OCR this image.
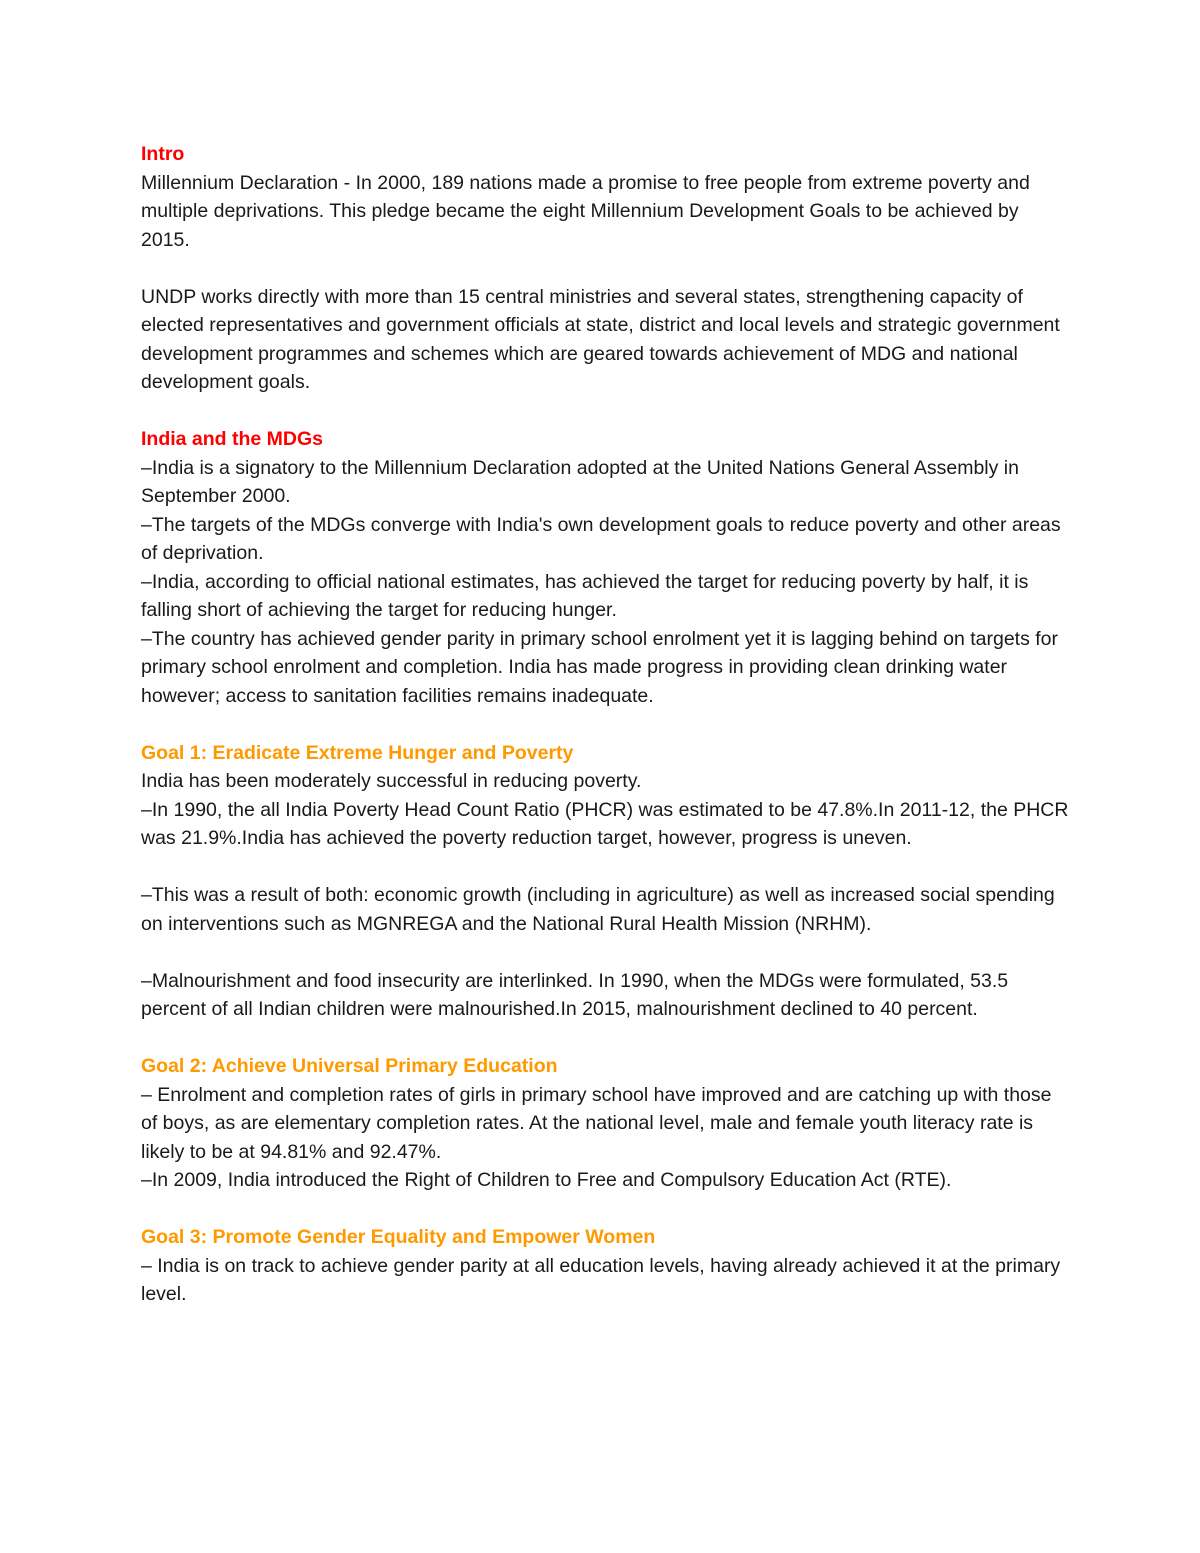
Intro

Millennium Declaration - In 2000, 189 nations made a promise to free people from extreme poverty and multiple deprivations. This pledge became the eight Millennium Development Goals to be achieved by 2015.

UNDP works directly with more than 15 central ministries and several states, strengthening capacity of elected representatives and government officials at state, district and local levels and strategic government development programmes and schemes which are geared towards achievement of MDG and national development goals.

India and the MDGs

–India is a signatory to the Millennium Declaration adopted at the United Nations General Assembly in September 2000.

–The targets of the MDGs converge with India's own development goals to reduce poverty and other areas of deprivation.

–India, according to official national estimates, has achieved the target for reducing poverty by half, it is falling short of achieving the target for reducing hunger.

–The country has achieved gender parity in primary school enrolment yet it is lagging behind on targets for primary school enrolment and completion. India has made progress in providing clean drinking water however; access to sanitation facilities remains inadequate.

Goal 1: Eradicate Extreme Hunger and Poverty

India has been moderately successful in reducing poverty.

–In 1990, the all India Poverty Head Count Ratio (PHCR) was estimated to be 47.8%.In 2011-12, the PHCR was 21.9%.India has achieved the poverty reduction target, however, progress is uneven.

–This was a result of both: economic growth (including in agriculture) as well as increased social spending on interventions such as MGNREGA and the National Rural Health Mission (NRHM).

–Malnourishment and food insecurity are interlinked. In 1990, when the MDGs were formulated, 53.5 percent of all Indian children were malnourished.In 2015, malnourishment declined to 40 percent.

Goal 2: Achieve Universal Primary Education

– Enrolment and completion rates of girls in primary school have improved and are catching up with those of boys, as are elementary completion rates. At the national level, male and female youth literacy rate is likely to be at 94.81% and 92.47%.

–In 2009, India introduced the Right of Children to Free and Compulsory Education Act (RTE).

Goal 3: Promote Gender Equality and Empower Women

– India is on track to achieve gender parity at all education levels, having already achieved it at the primary level.
